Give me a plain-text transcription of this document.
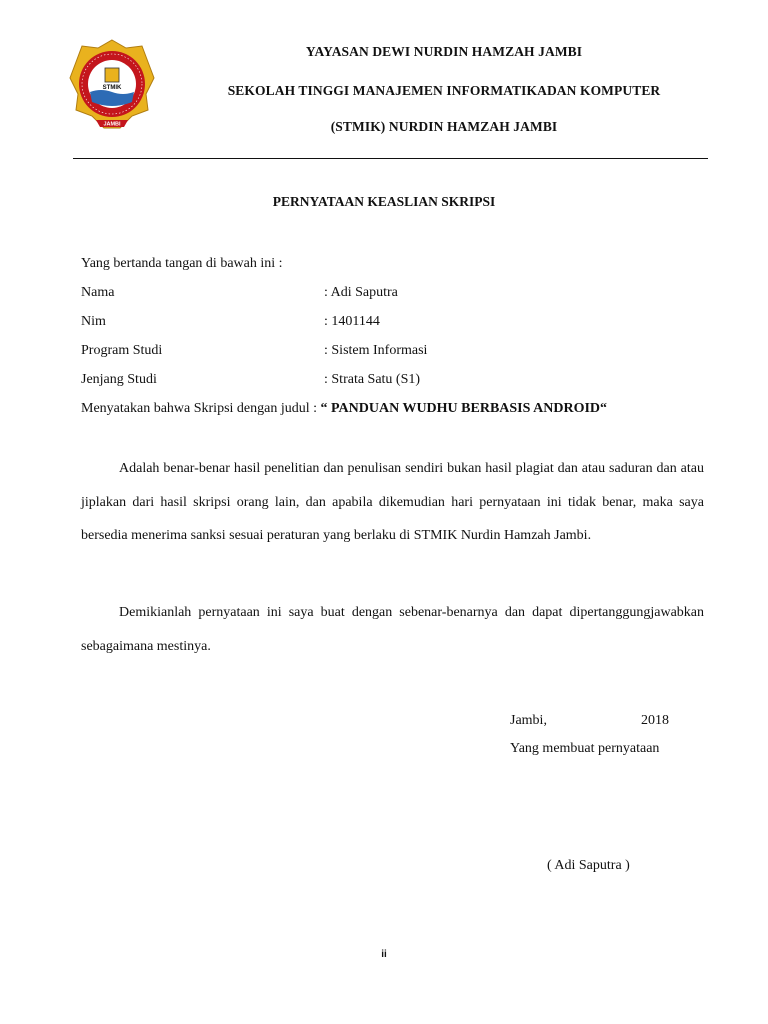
STMIK
JAMBI
YAYASAN DEWI NURDIN HAMZAH JAMBI
SEKOLAH TINGGI MANAJEMEN INFORMATIKADAN KOMPUTER
(STMIK) NURDIN HAMZAH JAMBI
PERNYATAAN KEASLIAN SKRIPSI
Yang bertanda tangan di bawah ini :
Nama	: Adi Saputra
Nim	: 1401144
Program Studi	: Sistem Informasi
Jenjang Studi	: Strata Satu (S1)
Menyatakan bahwa Skripsi dengan judul : “ PANDUAN WUDHU BERBASIS ANDROID“
Adalah benar-benar hasil penelitian dan penulisan sendiri bukan hasil plagiat dan atau saduran dan atau jiplakan dari hasil skripsi orang lain, dan apabila dikemudian hari pernyataan ini tidak benar, maka saya bersedia menerima sanksi sesuai peraturan yang berlaku di STMIK Nurdin Hamzah Jambi.
Demikianlah pernyataan ini saya buat dengan sebenar-benarnya dan dapat dipertanggungjawabkan sebagaimana mestinya.
Jambi,	2018
Yang membuat pernyataan
( Adi Saputra )
ii
